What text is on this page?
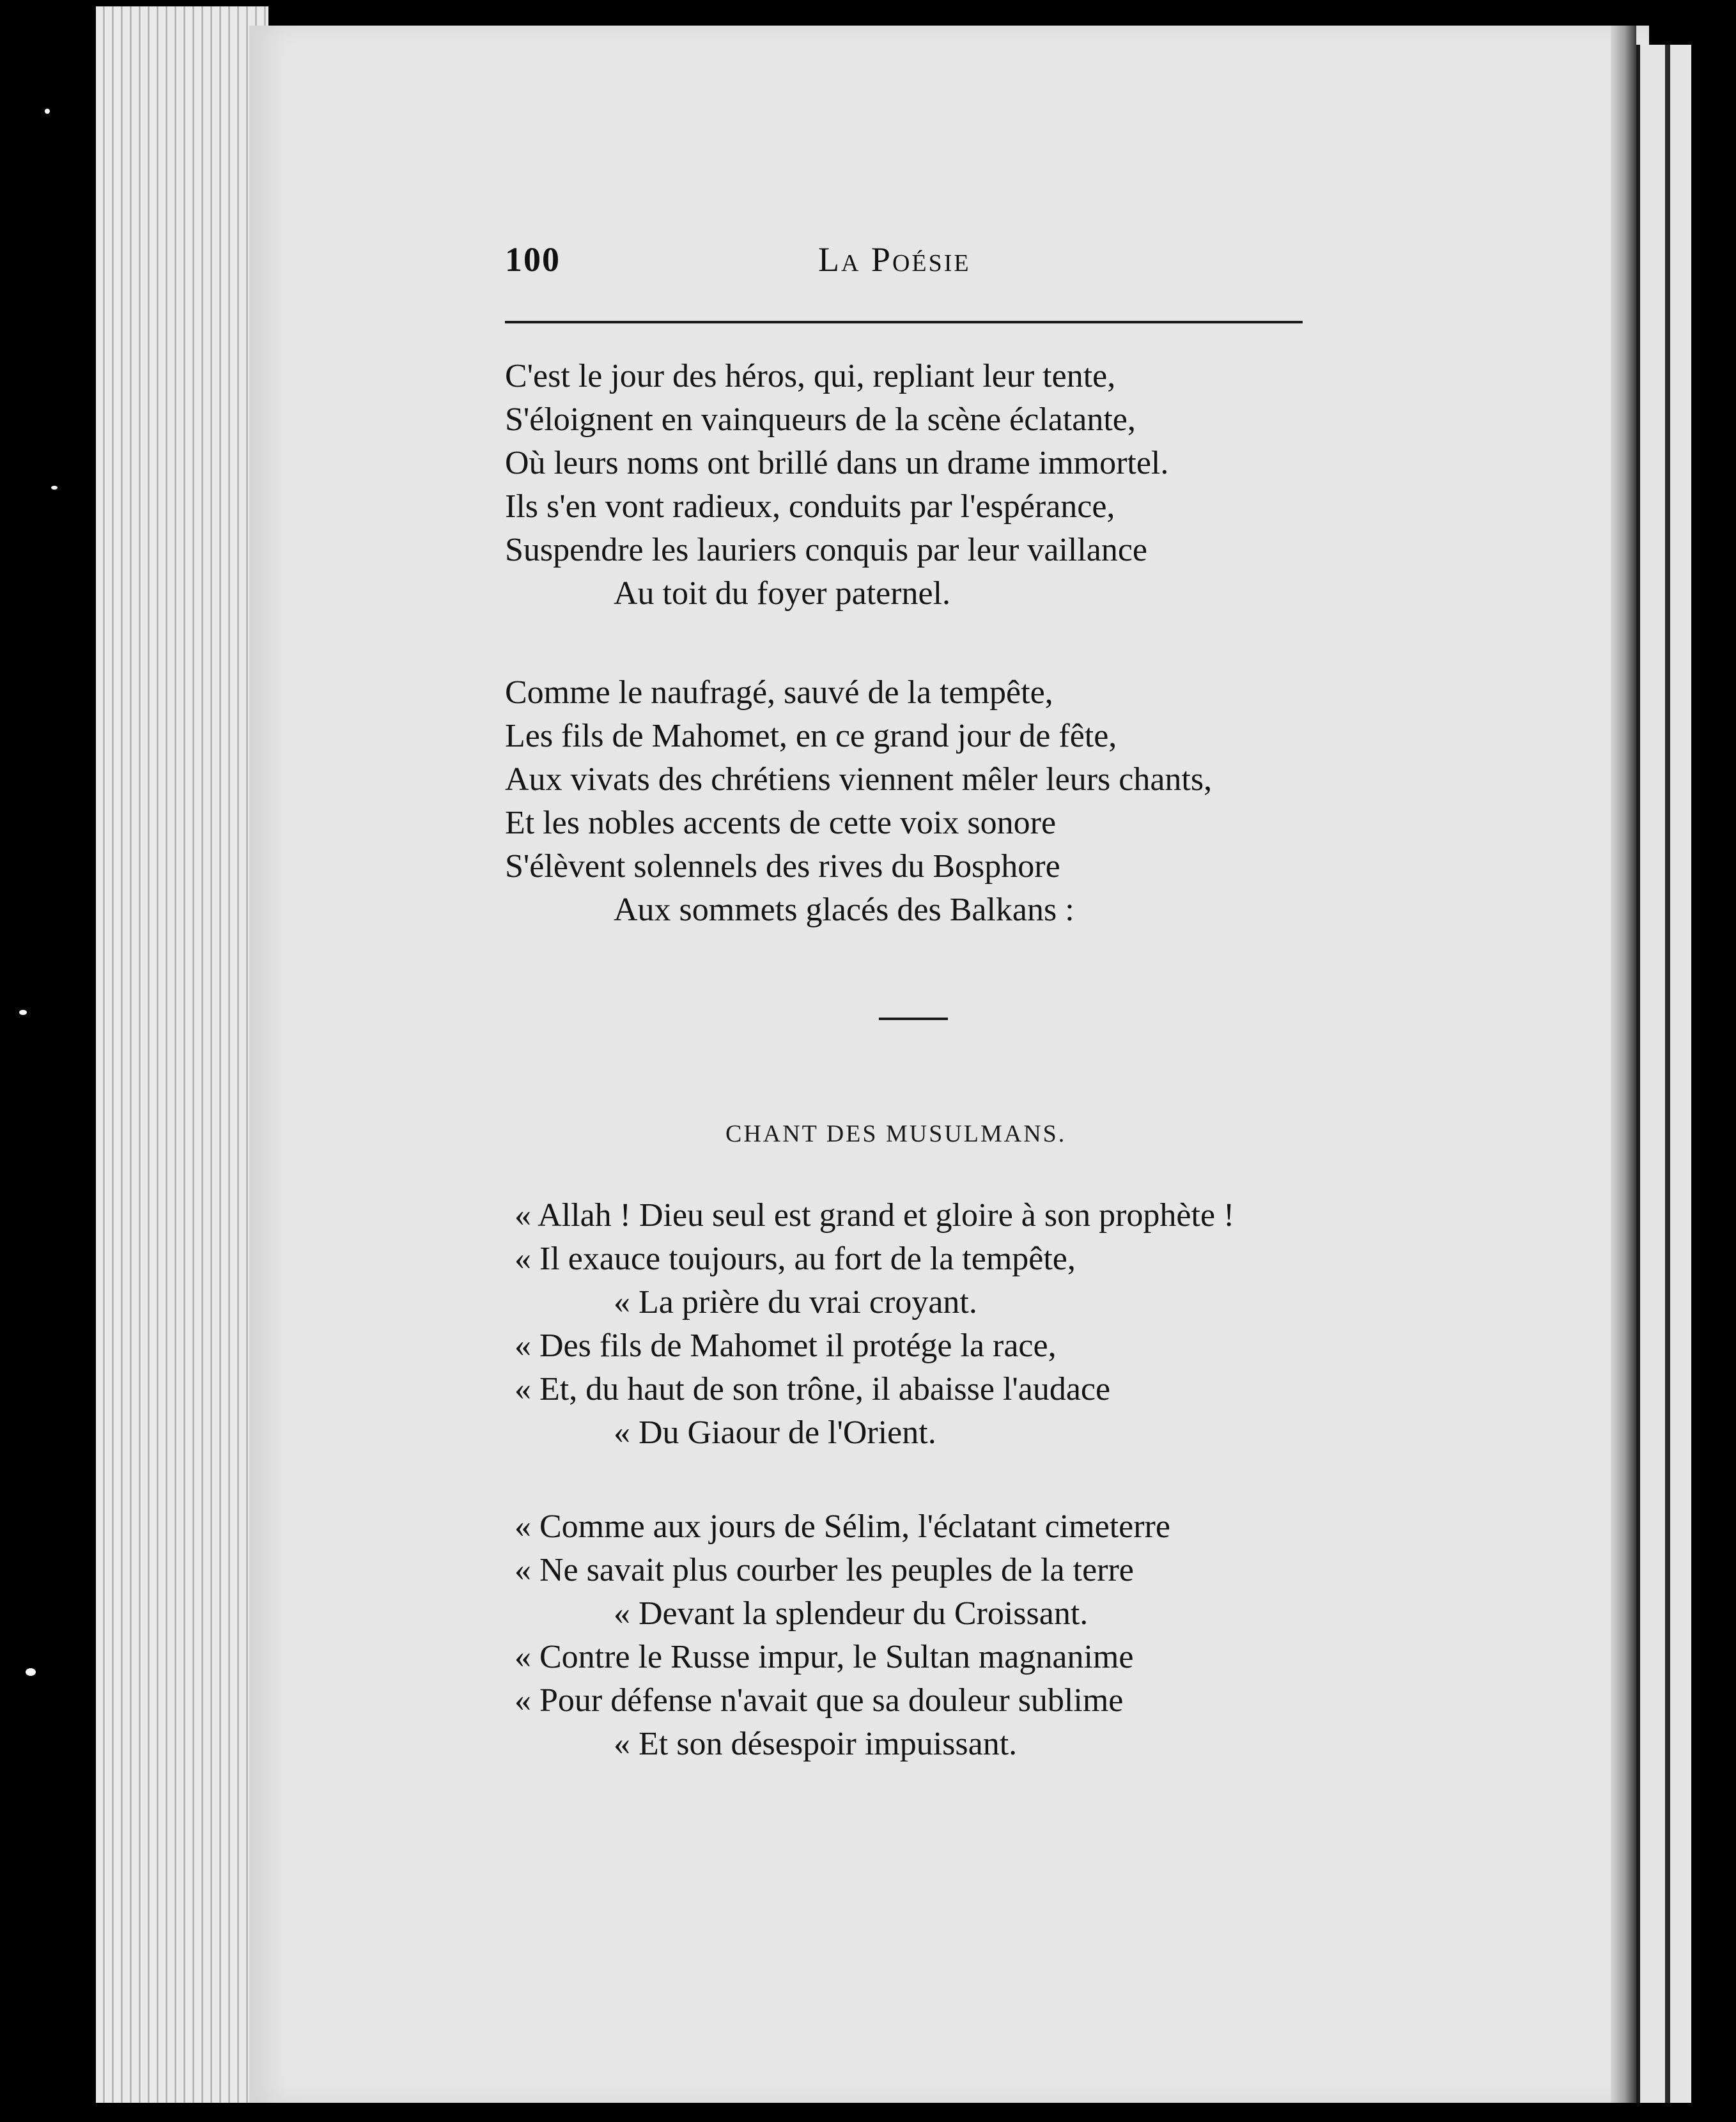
100	La Poésie
C'est le jour des héros, qui, repliant leur tente,
S'éloignent en vainqueurs de la scène éclatante,
Où leurs noms ont brillé dans un drame immortel.
Ils s'en vont radieux, conduits par l'espérance,
Suspendre les lauriers conquis par leur vaillance
Au toit du foyer paternel.
Comme le naufragé, sauvé de la tempête,
Les fils de Mahomet, en ce grand jour de fête,
Aux vivats des chrétiens viennent mêler leurs chants,
Et les nobles accents de cette voix sonore
S'élèvent solennels des rives du Bosphore
Aux sommets glacés des Balkans :
CHANT DES MUSULMANS.
« Allah ! Dieu seul est grand et gloire à son prophète !
« Il exauce toujours, au fort de la tempête,
« La prière du vrai croyant.
« Des fils de Mahomet il protége la race,
« Et, du haut de son trône, il abaisse l'audace
« Du Giaour de l'Orient.
« Comme aux jours de Sélim, l'éclatant cimeterre
« Ne savait plus courber les peuples de la terre
« Devant la splendeur du Croissant.
« Contre le Russe impur, le Sultan magnanime
« Pour défense n'avait que sa douleur sublime
« Et son désespoir impuissant.
